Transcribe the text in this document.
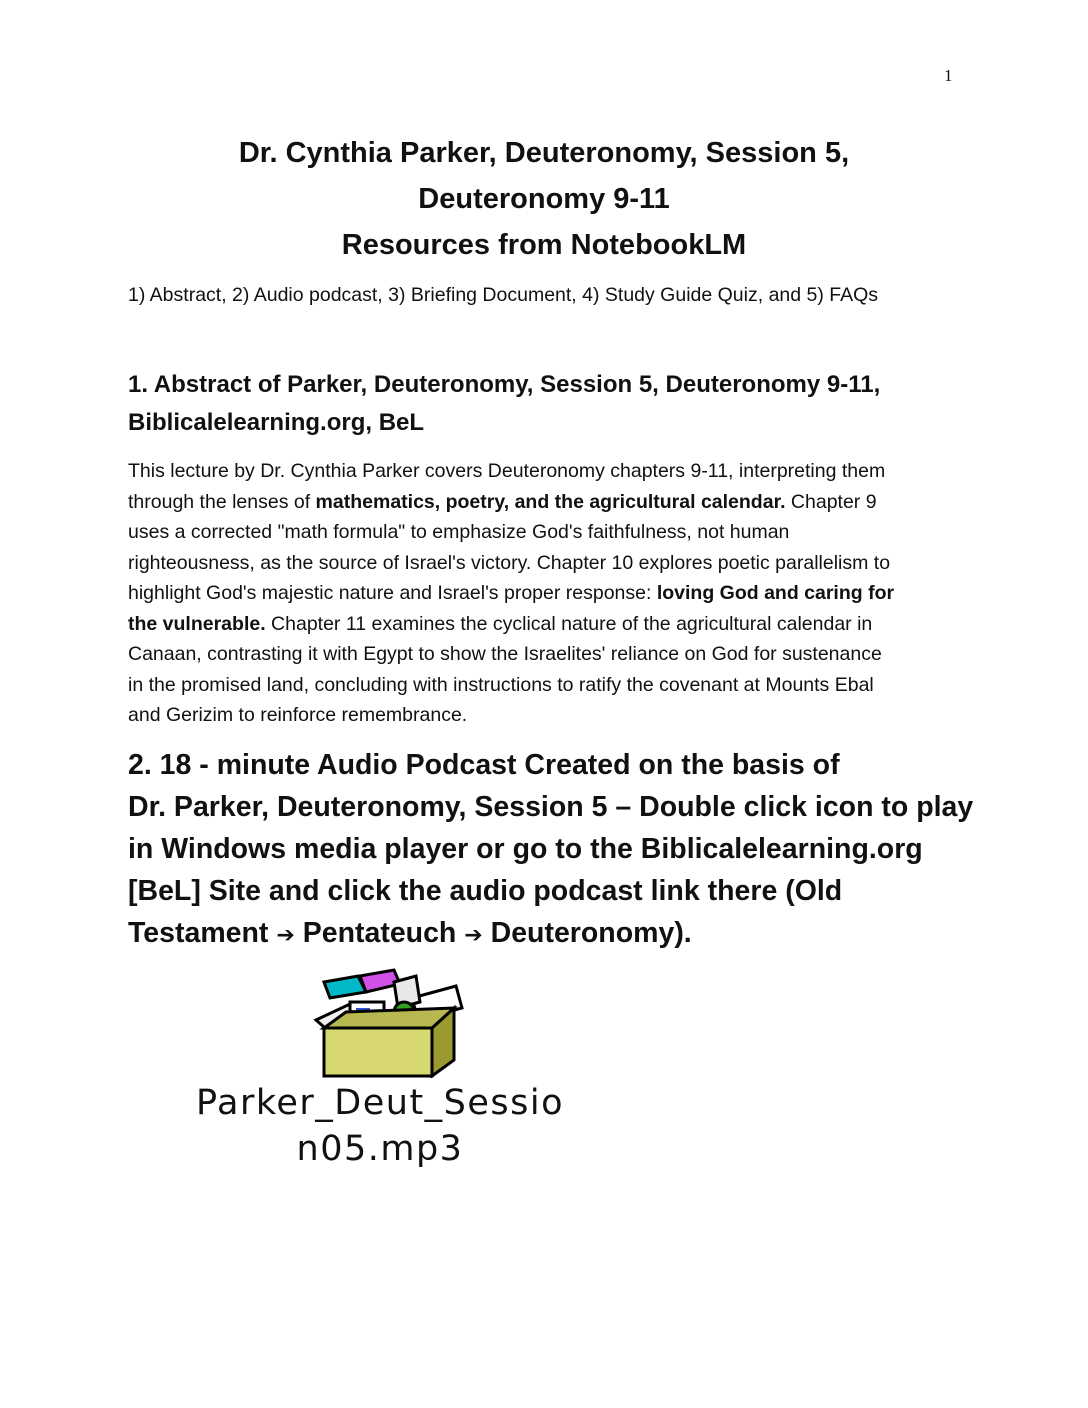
1
Dr. Cynthia Parker, Deuteronomy, Session 5,
Deuteronomy 9-11
Resources from NotebookLM
1) Abstract, 2) Audio podcast, 3) Briefing Document, 4) Study Guide Quiz, and 5) FAQs
1. Abstract of Parker, Deuteronomy, Session 5, Deuteronomy 9-11,
Biblicalelearning.org, BeL
This lecture by Dr. Cynthia Parker covers Deuteronomy chapters 9-11, interpreting them
through the lenses of mathematics, poetry, and the agricultural calendar. Chapter 9
uses a corrected "math formula" to emphasize God's faithfulness, not human
righteousness, as the source of Israel's victory. Chapter 10 explores poetic parallelism to
highlight God's majestic nature and Israel's proper response: loving God and caring for
the vulnerable. Chapter 11 examines the cyclical nature of the agricultural calendar in
Canaan, contrasting it with Egypt to show the Israelites' reliance on God for sustenance
in the promised land, concluding with instructions to ratify the covenant at Mounts Ebal
and Gerizim to reinforce remembrance.
2. 18 - minute Audio Podcast Created on the basis of
Dr. Parker, Deuteronomy, Session 5 – Double click icon to play
in Windows media player or go to the Biblicalelearning.org
[BeL] Site and click the audio podcast link there (Old
Testament ➔ Pentateuch ➔ Deuteronomy).
Parker_Deut_Sessio
n05.mp3
